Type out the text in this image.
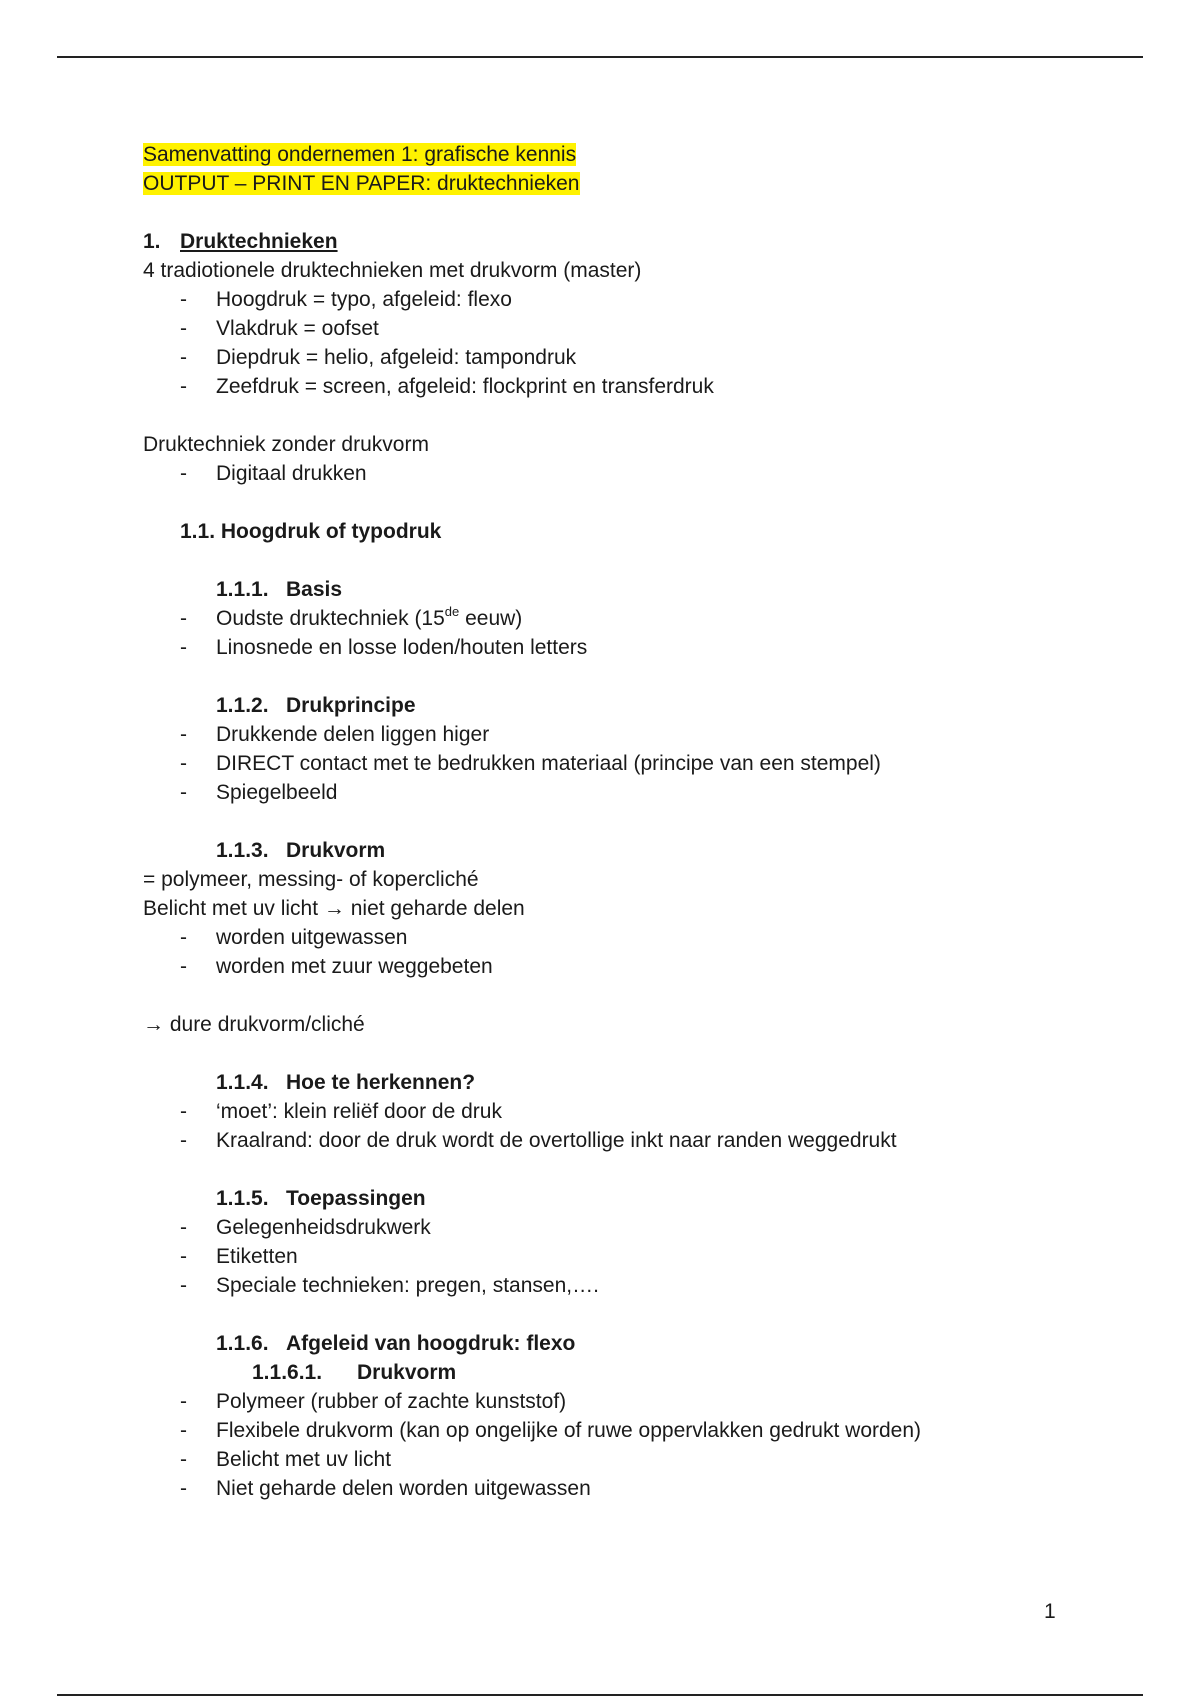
Samenvatting ondernemen 1: grafische kennis
OUTPUT – PRINT EN PAPER: druktechnieken
1. Druktechnieken
4 tradiotionele druktechnieken met drukvorm (master)
- Hoogdruk = typo, afgeleid: flexo
- Vlakdruk = oofset
- Diepdruk = helio, afgeleid: tampondruk
- Zeefdruk = screen, afgeleid: flockprint en transferdruk
Druktechniek zonder drukvorm
- Digitaal drukken
1.1. Hoogdruk of typodruk
1.1.1. Basis
- Oudste druktechniek (15de eeuw)
- Linosnede en losse loden/houten letters
1.1.2. Drukprincipe
- Drukkende delen liggen higer
- DIRECT contact met te bedrukken materiaal (principe van een stempel)
- Spiegelbeeld
1.1.3. Drukvorm
= polymeer, messing- of kopercliché
Belicht met uv licht → niet geharde delen
- worden uitgewassen
- worden met zuur weggebeten
→ dure drukvorm/cliché
1.1.4. Hoe te herkennen?
- ‘moet’: klein reliëf door de druk
- Kraalrand: door de druk wordt de overtollige inkt naar randen weggedrukt
1.1.5. Toepassingen
- Gelegenheidsdrukwerk
- Etiketten
- Speciale technieken: pregen, stansen,….
1.1.6. Afgeleid van hoogdruk: flexo
1.1.6.1. Drukvorm
- Polymeer (rubber of zachte kunststof)
- Flexibele drukvorm (kan op ongelijke of ruwe oppervlakken gedrukt worden)
- Belicht met uv licht
- Niet geharde delen worden uitgewassen
1
